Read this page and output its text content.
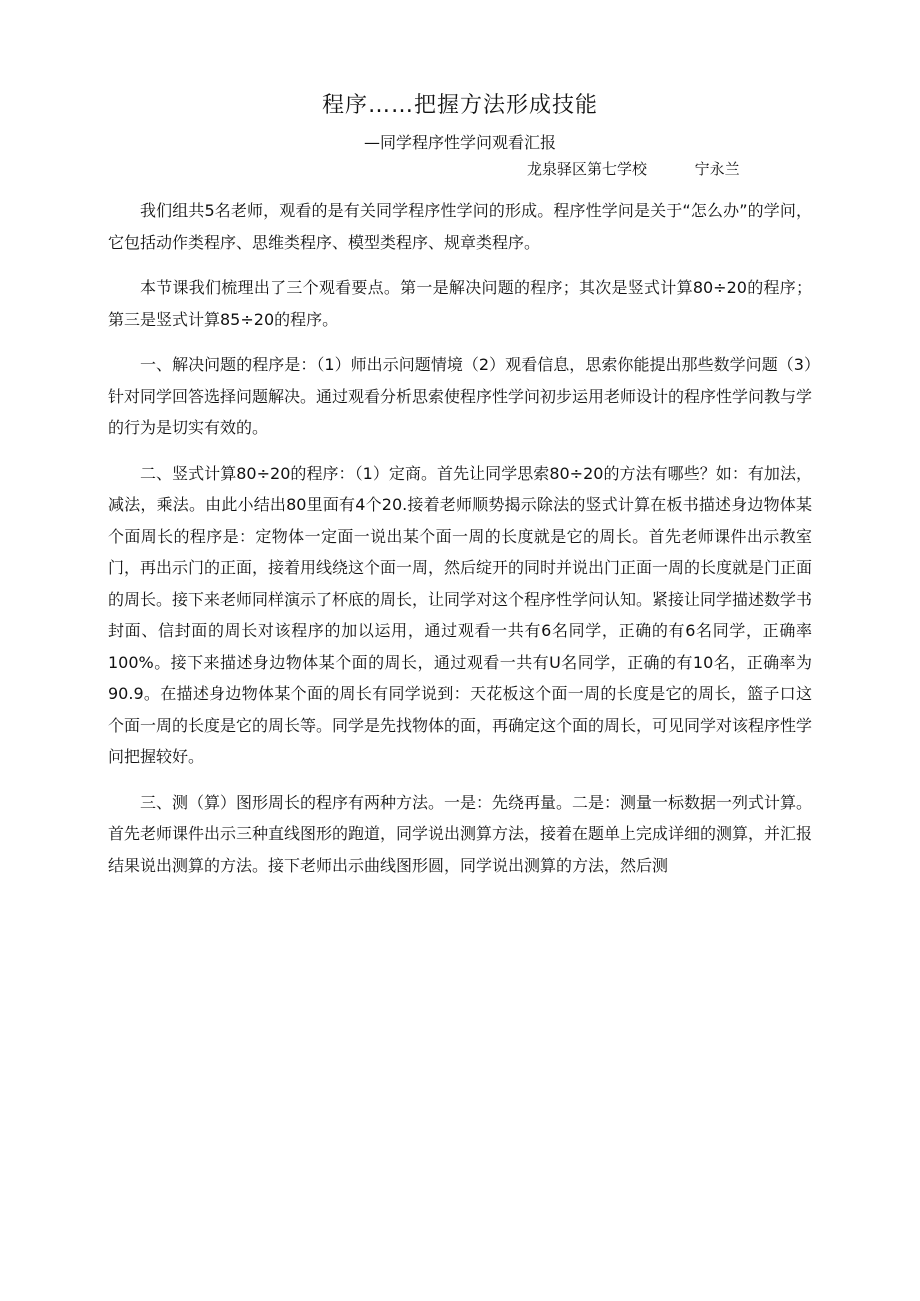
程序……把握方法形成技能
—同学程序性学问观看汇报
龙泉驿区第七学校          宁永兰

我们组共5名老师，观看的是有关同学程序性学问的形成。程序性学问是关于“怎么办”的学问，它包括动作类程序、思维类程序、模型类程序、规章类程序。

本节课我们梳理出了三个观看要点。第一是解决问题的程序；其次是竖式计算80÷20的程序；第三是竖式计算85÷20的程序。

一、解决问题的程序是：（1）师出示问题情境（2）观看信息，思索你能提出那些数学问题（3）针对同学回答选择问题解决。通过观看分析思索使程序性学问初步运用老师设计的程序性学问教与学的行为是切实有效的。

二、竖式计算80÷20的程序：（1）定商。首先让同学思索80÷20的方法有哪些？如：有加法，减法，乘法。由此小结出80里面有4个20.接着老师顺势揭示除法的竖式计算在板书描述身边物体某个面周长的程序是：定物体一定面一说出某个面一周的长度就是它的周长。首先老师课件出示教室门，再出示门的正面，接着用线绕这个面一周，然后绽开的同时并说出门正面一周的长度就是门正面的周长。接下来老师同样演示了杯底的周长，让同学对这个程序性学问认知。紧接让同学描述数学书封面、信封面的周长对该程序的加以运用，通过观看一共有6名同学，正确的有6名同学，正确率100%。接下来描述身边物体某个面的周长，通过观看一共有U名同学，正确的有10名，正确率为90.9。在描述身边物体某个面的周长有同学说到：天花板这个面一周的长度是它的周长，篮子口这个面一周的长度是它的周长等。同学是先找物体的面，再确定这个面的周长，可见同学对该程序性学问把握较好。

三、测（算）图形周长的程序有两种方法。一是：先绕再量。二是：测量一标数据一列式计算。首先老师课件出示三种直线图形的跑道，同学说出测算方法，接着在题单上完成详细的测算，并汇报结果说出测算的方法。接下老师出示曲线图形圆，同学说出测算的方法，然后测
